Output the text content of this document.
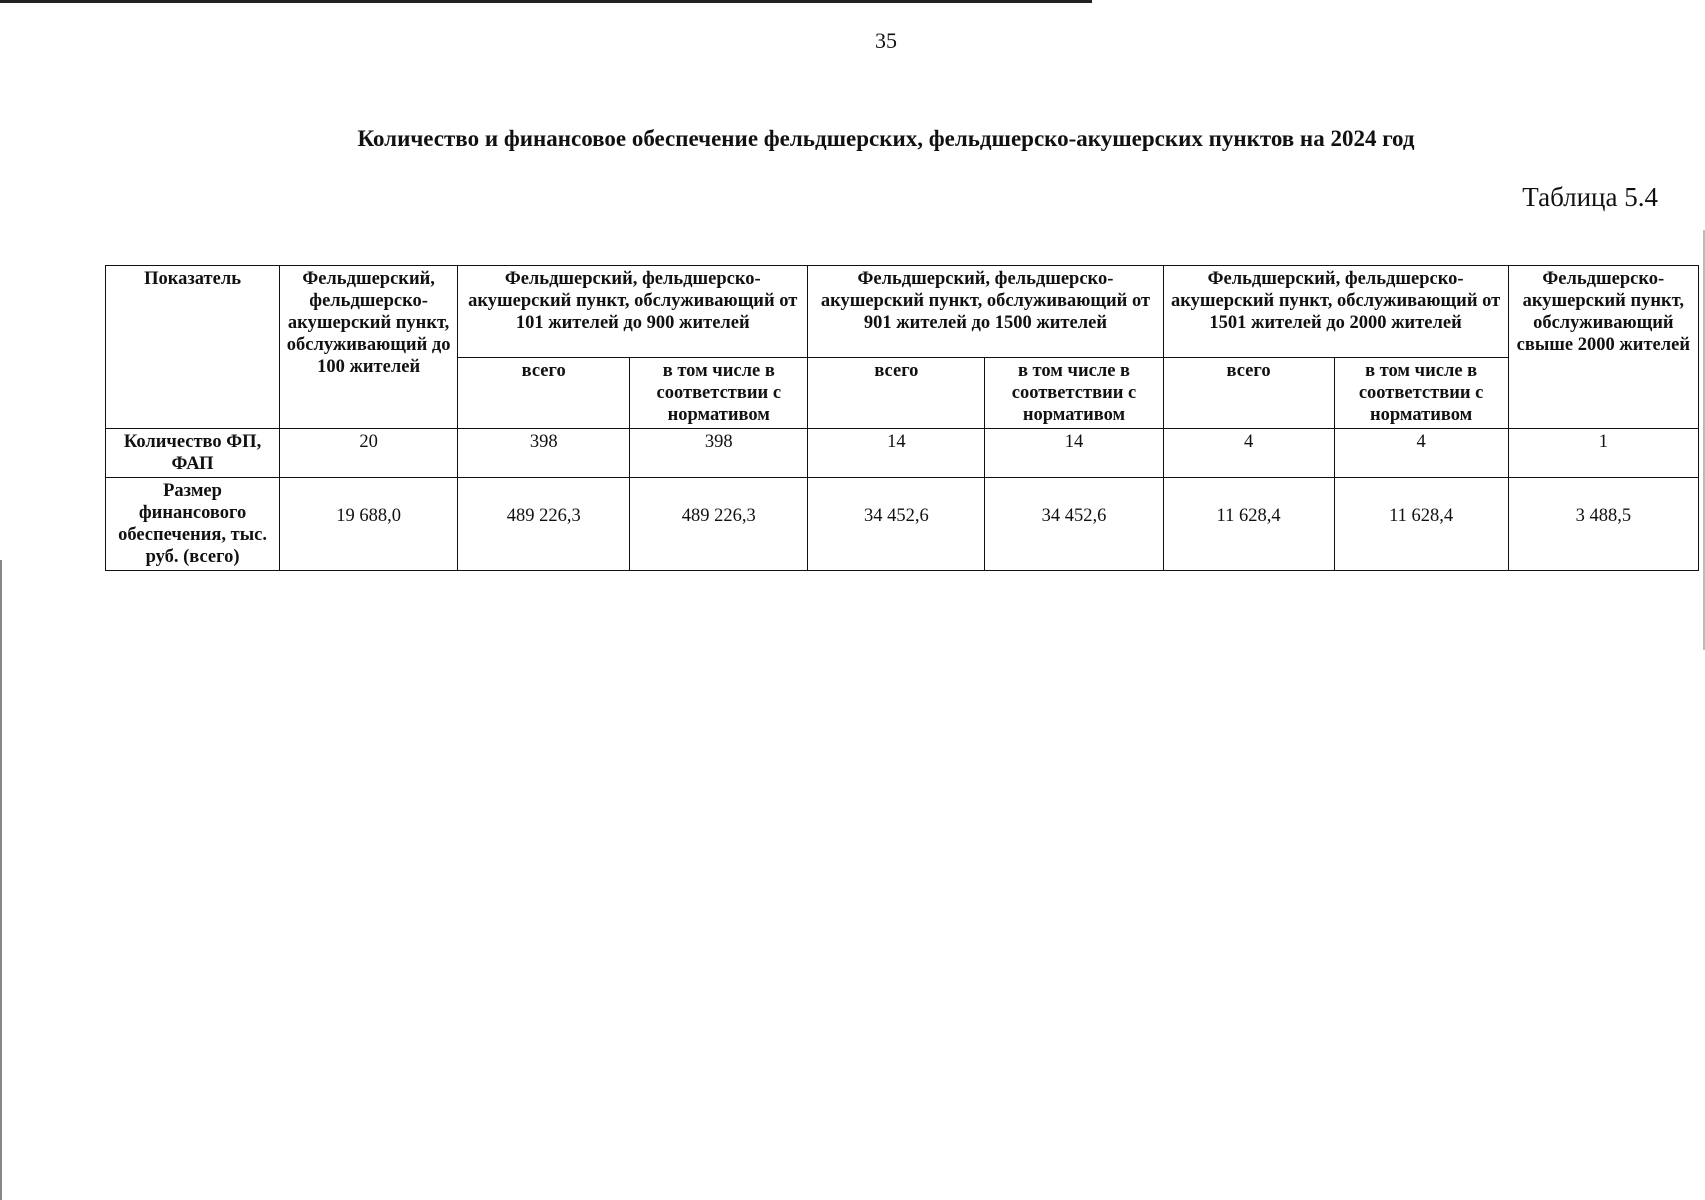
35
Количество и финансовое обеспечение фельдшерских, фельдшерско-акушерских пунктов на 2024 год
Таблица 5.4
Показатель	Фельдшерский, фельдшерско-акушерский пункт, обслуживающий до 100 жителей	Фельдшерский, фельдшерско-акушерский пункт, обслуживающий от 101 жителей до 900 жителей		Фельдшерский, фельдшерско-акушерский пункт, обслуживающий от 901 жителей до 1500 жителей		Фельдшерский, фельдшерско-акушерский пункт, обслуживающий от 1501 жителей до 2000 жителей		Фельдшерско-акушерский пункт, обслуживающий свыше 2000 жителей
		всего	в том числе в соответствии с нормативом	всего	в том числе в соответствии с нормативом	всего	в том числе в соответствии с нормативом	
Количество ФП, ФАП	20	398	398	14	14	4	4	1
Размер финансового обеспечения, тыс. руб. (всего)	19 688,0	489 226,3	489 226,3	34 452,6	34 452,6	11 628,4	11 628,4	3 488,5
